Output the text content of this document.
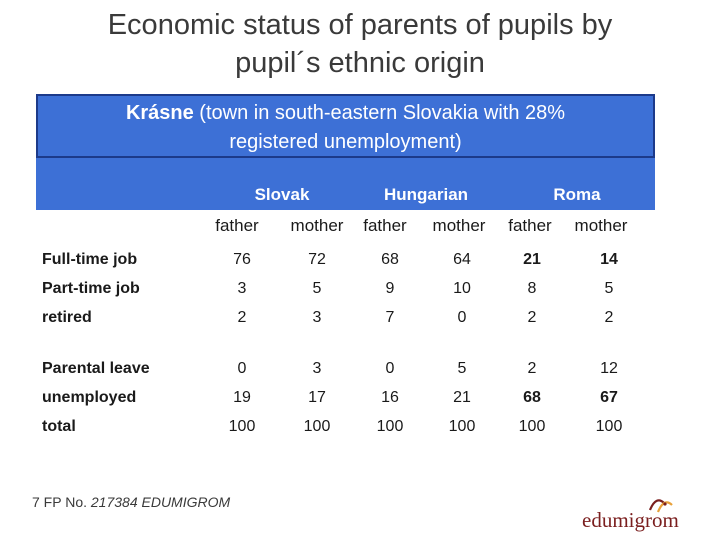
Economic status of parents of pupils by
pupil´s ethnic origin
Krásne (town in south-eastern Slovakia with 28%
registered unemployment)
Slovak	Hungarian	Roma
father	mother	father	mother	father	mother
Full-time job	76	72	68	64	21	14
Part-time job	3	5	9	10	8	5
retired	2	3	7	0	2	2
Parental leave	0	3	0	5	2	12
unemployed	19	17	16	21	68	67
total	100	100	100	100	100	100
7 FP No. 217384 EDUMIGROM
edumigrom
